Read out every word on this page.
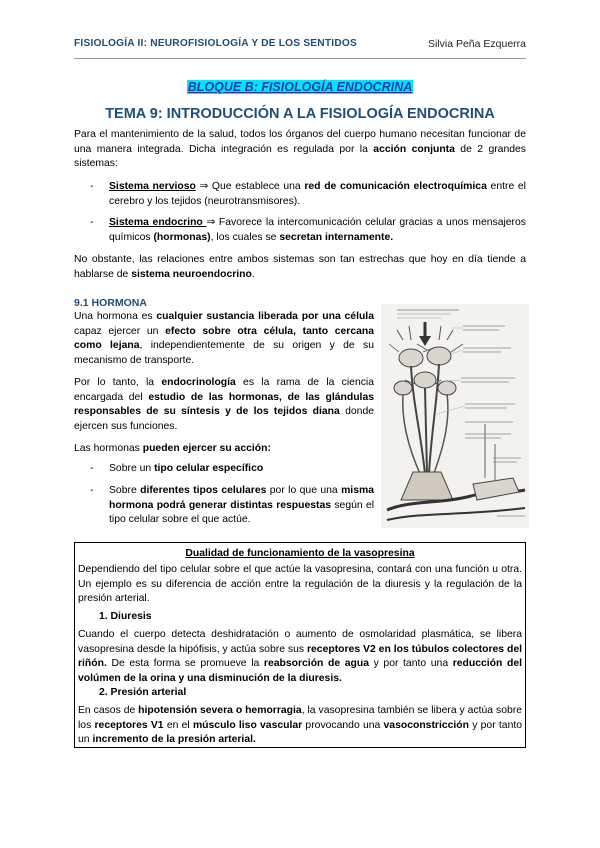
FISIOLOGÍA II: NEUROFISIOLOGÍA Y DE LOS SENTIDOS	Silvia Peña Ezquerra
BLOQUE B: FISIOLOGÍA ENDOCRINA
TEMA 9: INTRODUCCIÓN A LA FISIOLOGÍA ENDOCRINA
Para el mantenimiento de la salud, todos los órganos del cuerpo humano necesitan funcionar de una manera integrada. Dicha integración es regulada por la acción conjunta de 2 grandes sistemas:
- Sistema nervioso ⇒ Que establece una red de comunicación electroquímica entre el cerebro y los tejidos (neurotransmisores).
- Sistema endocrino ⇒ Favorece la intercomunicación celular gracias a unos mensajeros químicos (hormonas), los cuales se secretan internamente.
No obstante, las relaciones entre ambos sistemas son tan estrechas que hoy en día tiende a hablarse de sistema neuroendocrino.
9.1 HORMONA
Una hormona es cualquier sustancia liberada por una célula capaz ejercer un efecto sobre otra célula, tanto cercana como lejana, independientemente de su origen y de su mecanismo de transporte.
Por lo tanto, la endocrinología es la rama de la ciencia encargada del estudio de las hormonas, de las glándulas responsables de su síntesis y de los tejidos diana donde ejercen sus funciones.
Las hormonas pueden ejercer su acción:
- Sobre un tipo celular específico
- Sobre diferentes tipos celulares por lo que una misma hormona podrá generar distintas respuestas según el tipo celular sobre el que actúe.
Dualidad de funcionamiento de la vasopresina
Dependiendo del tipo celular sobre el que actúe la vasopresina, contará con una función u otra. Un ejemplo es su diferencia de acción entre la regulación de la diuresis y la regulación de la presión arterial.
1. Diuresis
Cuando el cuerpo detecta deshidratación o aumento de osmolaridad plasmática, se libera vasopresina desde la hipófisis, y actúa sobre sus receptores V2 en los túbulos colectores del riñón. De esta forma se promueve la reabsorción de agua y por tanto una reducción del volúmen de la orina y una disminución de la diuresis.
2. Presión arterial
En casos de hipotensión severa o hemorragia, la vasopresina también se libera y actúa sobre los receptores V1 en el músculo liso vascular provocando una vasoconstricción y por tanto un incremento de la presión arterial.
